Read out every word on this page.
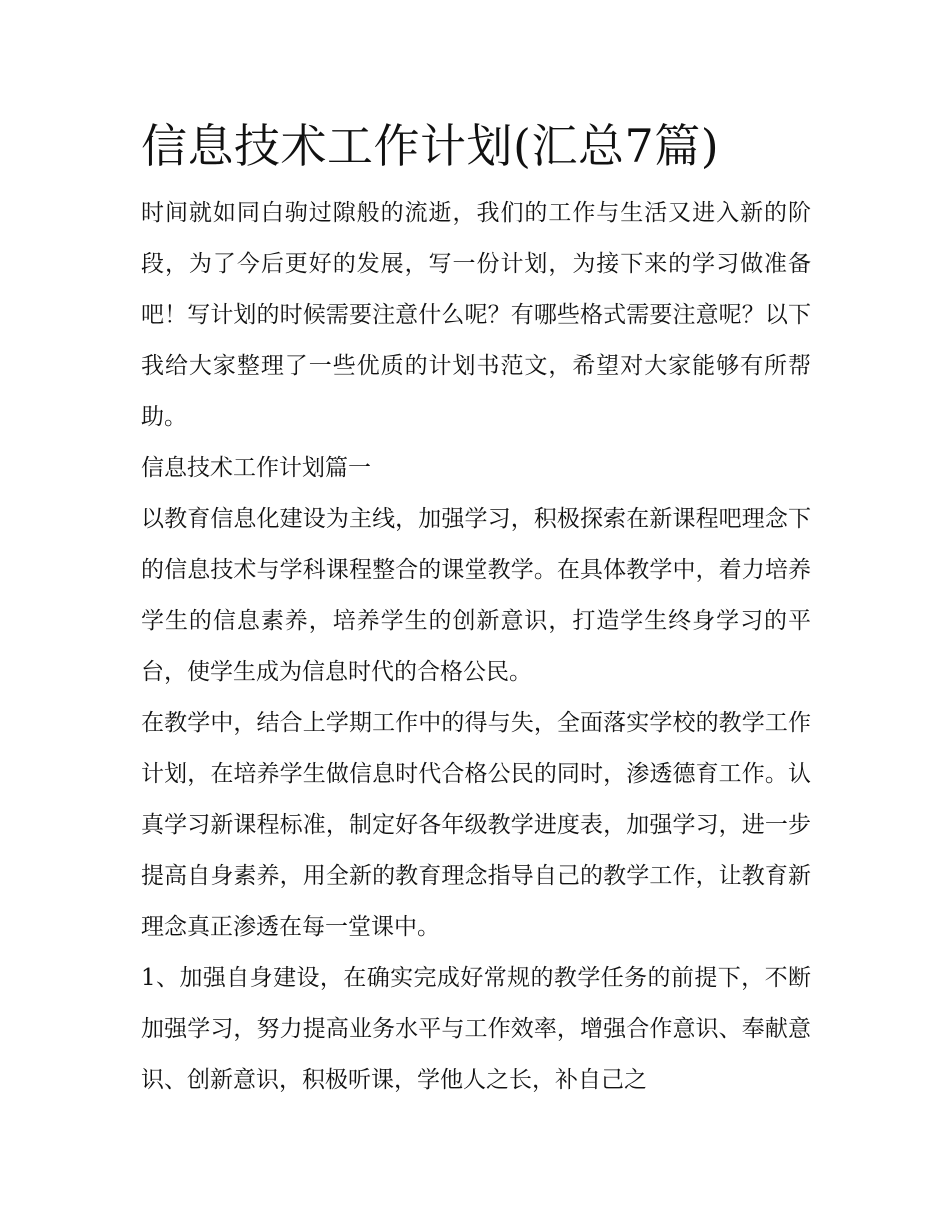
信息技术工作计划(汇总7篇)

时间就如同白驹过隙般的流逝，我们的工作与生活又进入新的阶段，为了今后更好的发展，写一份计划，为接下来的学习做准备吧！写计划的时候需要注意什么呢？有哪些格式需要注意呢？以下我给大家整理了一些优质的计划书范文，希望对大家能够有所帮助。

信息技术工作计划篇一

以教育信息化建设为主线，加强学习，积极探索在新课程吧理念下的信息技术与学科课程整合的课堂教学。在具体教学中，着力培养学生的信息素养，培养学生的创新意识，打造学生终身学习的平台，使学生成为信息时代的合格公民。

在教学中，结合上学期工作中的得与失，全面落实学校的教学工作计划，在培养学生做信息时代合格公民的同时，渗透德育工作。认真学习新课程标准，制定好各年级教学进度表，加强学习，进一步提高自身素养，用全新的教育理念指导自己的教学工作，让教育新理念真正渗透在每一堂课中。

1、加强自身建设，在确实完成好常规的教学任务的前提下，不断加强学习，努力提高业务水平与工作效率，增强合作意识、奉献意识、创新意识，积极听课，学他人之长，补自己之
